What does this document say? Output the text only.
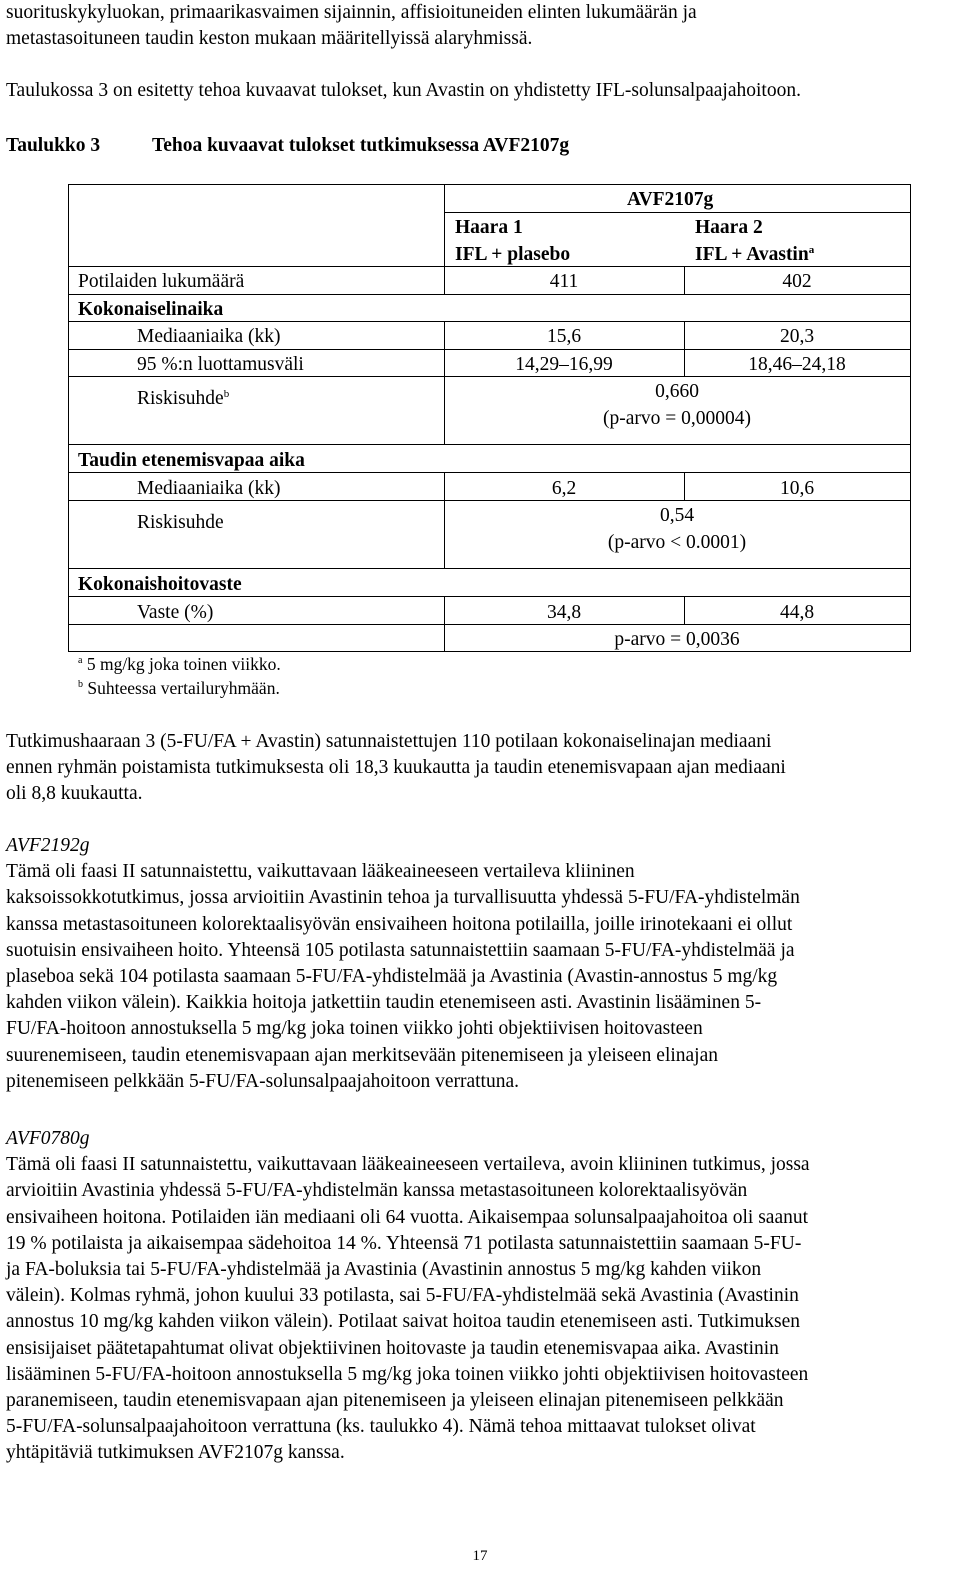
suorituskykyluokan, primaarikasvaimen sijainnin, affisioituneiden elinten lukumäärän ja
metastasoituneen taudin keston mukaan määritellyissä alaryhmissä.
Taulukossa 3 on esitetty tehoa kuvaavat tulokset, kun Avastin on yhdistetty IFL-solunsalpaajahoitoon.
Taulukko 3	Tehoa kuvaavat tulokset tutkimuksessa AVF2107g
AVF2107g
Haara 1
IFL + plasebo
Haara 2
IFL + Avastin$^a$
Potilaiden lukumäärä	411	402
Kokonaiselinaika
Mediaaniaika (kk)	15,6	20,3
95 %:n luottamusväli	14,29–16,99	18,46–24,18
Riskisuhde$^b$	0,660
(p-arvo = 0,00004)
Taudin etenemisvapaa aika
Mediaaniaika (kk)	6,2	10,6
Riskisuhde	0,54
(p-arvo < 0.0001)
Kokonaishoitovaste
Vaste (%)	34,8	44,8
p-arvo = 0,0036
$^a$ 5 mg/kg joka toinen viikko.
$^b$ Suhteessa vertailuryhmään.
Tutkimushaaraan 3 (5-FU/FA + Avastin) satunnaistettujen 110 potilaan kokonaiselinajan mediaani
ennen ryhmän poistamista tutkimuksesta oli 18,3 kuukautta ja taudin etenemisvapaan ajan mediaani
oli 8,8 kuukautta.
AVF2192g
Tämä oli faasi II satunnaistettu, vaikuttavaan lääkeaineeseen vertaileva kliininen
kaksoissokkotutkimus, jossa arvioitiin Avastinin tehoa ja turvallisuutta yhdessä 5-FU/FA-yhdistelmän
kanssa metastasoituneen kolorektaalisyövän ensivaiheen hoitona potilailla, joille irinotekaani ei ollut
suotuisin ensivaiheen hoito. Yhteensä 105 potilasta satunnaistettiin saamaan 5-FU/FA-yhdistelmää ja
plaseboa sekä 104 potilasta saamaan 5-FU/FA-yhdistelmää ja Avastinia (Avastin-annostus 5 mg/kg
kahden viikon välein). Kaikkia hoitoja jatkettiin taudin etenemiseen asti. Avastinin lisääminen 5-
FU/FA-hoitoon annostuksella 5 mg/kg joka toinen viikko johti objektiivisen hoitovasteen
suurenemiseen, taudin etenemisvapaan ajan merkitsevään pitenemiseen ja yleiseen elinajan
pitenemiseen pelkkään 5-FU/FA-solunsalpaajahoitoon verrattuna.
AVF0780g
Tämä oli faasi II satunnaistettu, vaikuttavaan lääkeaineeseen vertaileva, avoin kliininen tutkimus, jossa
arvioitiin Avastinia yhdessä 5-FU/FA-yhdistelmän kanssa metastasoituneen kolorektaalisyövän
ensivaiheen hoitona. Potilaiden iän mediaani oli 64 vuotta. Aikaisempaa solunsalpaajahoitoa oli saanut
19 % potilaista ja aikaisempaa sädehoitoa 14 %. Yhteensä 71 potilasta satunnaistettiin saamaan 5-FU-
ja FA-boluksia tai 5-FU/FA-yhdistelmää ja Avastinia (Avastinin annostus 5 mg/kg kahden viikon
välein). Kolmas ryhmä, johon kuului 33 potilasta, sai 5-FU/FA-yhdistelmää sekä Avastinia (Avastinin
annostus 10 mg/kg kahden viikon välein). Potilaat saivat hoitoa taudin etenemiseen asti. Tutkimuksen
ensisijaiset päätetapahtumat olivat objektiivinen hoitovaste ja taudin etenemisvapaa aika. Avastinin
lisääminen 5-FU/FA-hoitoon annostuksella 5 mg/kg joka toinen viikko johti objektiivisen hoitovasteen
paranemiseen, taudin etenemisvapaan ajan pitenemiseen ja yleiseen elinajan pitenemiseen pelkkään
5-FU/FA-solunsalpaajahoitoon verrattuna (ks. taulukko 4). Nämä tehoa mittaavat tulokset olivat
yhtäpitäviä tutkimuksen AVF2107g kanssa.
17
